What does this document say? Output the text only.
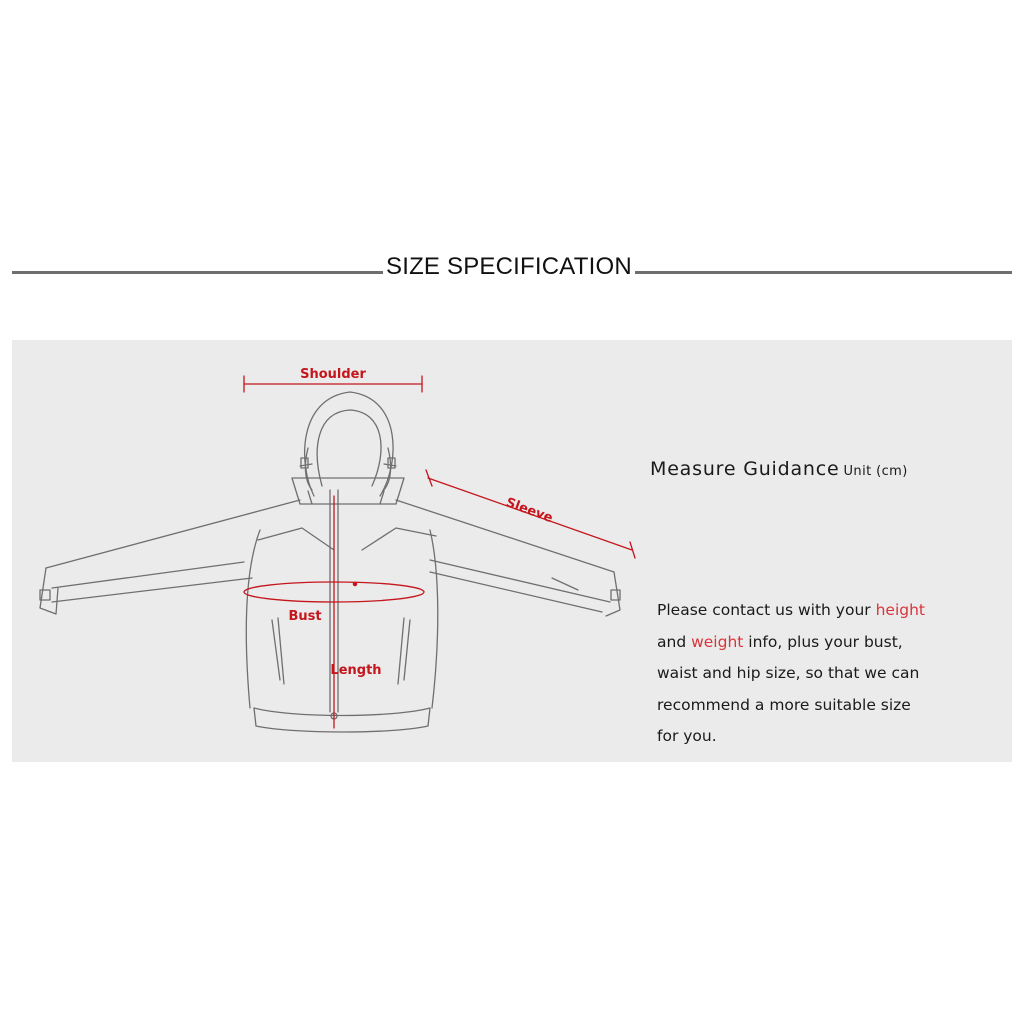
SIZE SPECIFICATION
Shoulder
Sleeve
Bust
Length
Measure Guidance Unit (cm)
Please contact us with your height
and weight info, plus your bust,
waist and hip size, so that we can
recommend a more suitable size
for you.
